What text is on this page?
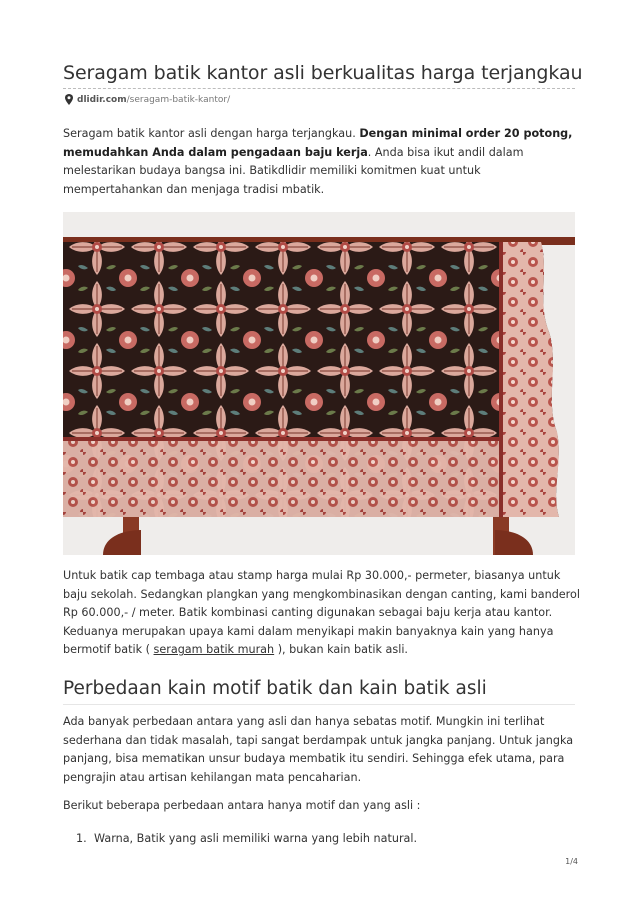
Seragam batik kantor asli berkualitas harga terjangkau
dlidir.com/seragam-batik-kantor/

Seragam batik kantor asli dengan harga terjangkau. Dengan minimal order 20 potong, memudahkan Anda dalam pengadaan baju kerja. Anda bisa ikut andil dalam melestarikan budaya bangsa ini. Batikdlidir memiliki komitmen kuat untuk mempertahankan dan menjaga tradisi mbatik.

Untuk batik cap tembaga atau stamp harga mulai Rp 30.000,- permeter, biasanya untuk baju sekolah. Sedangkan plangkan yang mengkombinasikan dengan canting, kami banderol Rp 60.000,- / meter. Batik kombinasi canting digunakan sebagai baju kerja atau kantor. Keduanya merupakan upaya kami dalam menyikapi makin banyaknya kain yang hanya bermotif batik ( seragam batik murah ), bukan kain batik asli.

Perbedaan kain motif batik dan kain batik asli

Ada banyak perbedaan antara yang asli dan hanya sebatas motif. Mungkin ini terlihat sederhana dan tidak masalah, tapi sangat berdampak untuk jangka panjang. Untuk jangka panjang, bisa mematikan unsur budaya membatik itu sendiri. Sehingga efek utama, para pengrajin atau artisan kehilangan mata pencaharian.

Berikut beberapa perbedaan antara hanya motif dan yang asli :

1. Warna, Batik yang asli memiliki warna yang lebih natural.
1/4
